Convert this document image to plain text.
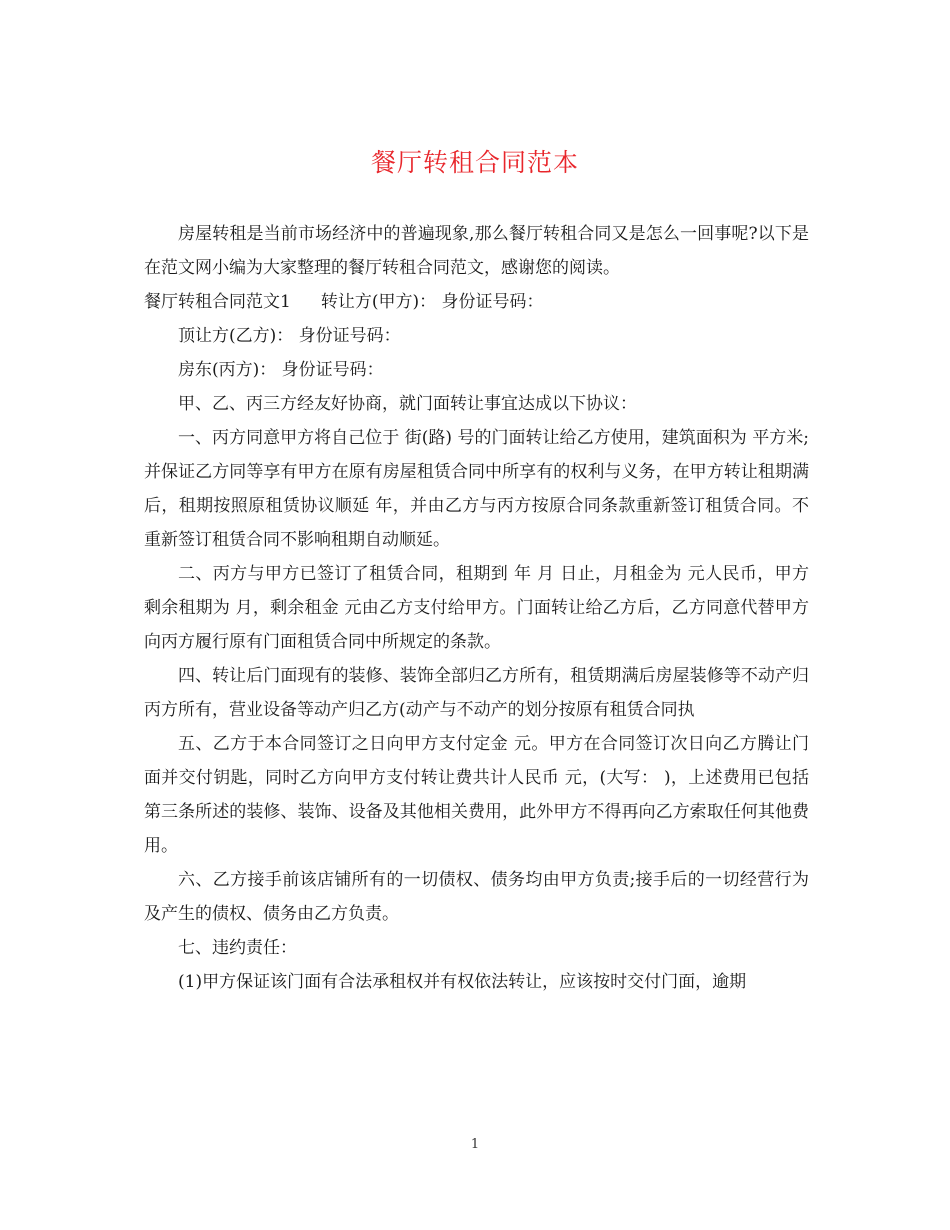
餐厅转租合同范本

房屋转租是当前市场经济中的普遍现象,那么餐厅转租合同又是怎么一回事呢?以下是在范文网小编为大家整理的餐厅转租合同范文，感谢您的阅读。

餐厅转租合同范文1 转让方(甲方)： 身份证号码：

顶让方(乙方)： 身份证号码：

房东(丙方)： 身份证号码：

甲、乙、丙三方经友好协商，就门面转让事宜达成以下协议：

一、丙方同意甲方将自己位于 街(路) 号的门面转让给乙方使用，建筑面积为 平方米;并保证乙方同等享有甲方在原有房屋租赁合同中所享有的权利与义务，在甲方转让租期满后，租期按照原租赁协议顺延 年，并由乙方与丙方按原合同条款重新签订租赁合同。不重新签订租赁合同不影响租期自动顺延。

二、丙方与甲方已签订了租赁合同，租期到 年 月 日止，月租金为 元人民币，甲方剩余租期为 月，剩余租金 元由乙方支付给甲方。门面转让给乙方后，乙方同意代替甲方向丙方履行原有门面租赁合同中所规定的条款。

四、转让后门面现有的装修、装饰全部归乙方所有，租赁期满后房屋装修等不动产归丙方所有，营业设备等动产归乙方(动产与不动产的划分按原有租赁合同执

五、乙方于本合同签订之日向甲方支付定金 元。甲方在合同签订次日向乙方腾让门面并交付钥匙，同时乙方向甲方支付转让费共计人民币 元，(大写： )，上述费用已包括第三条所述的装修、装饰、设备及其他相关费用，此外甲方不得再向乙方索取任何其他费用。

六、乙方接手前该店铺所有的一切债权、债务均由甲方负责;接手后的一切经营行为及产生的债权、债务由乙方负责。

七、违约责任：

(1)甲方保证该门面有合法承租权并有权依法转让，应该按时交付门面，逾期

1
